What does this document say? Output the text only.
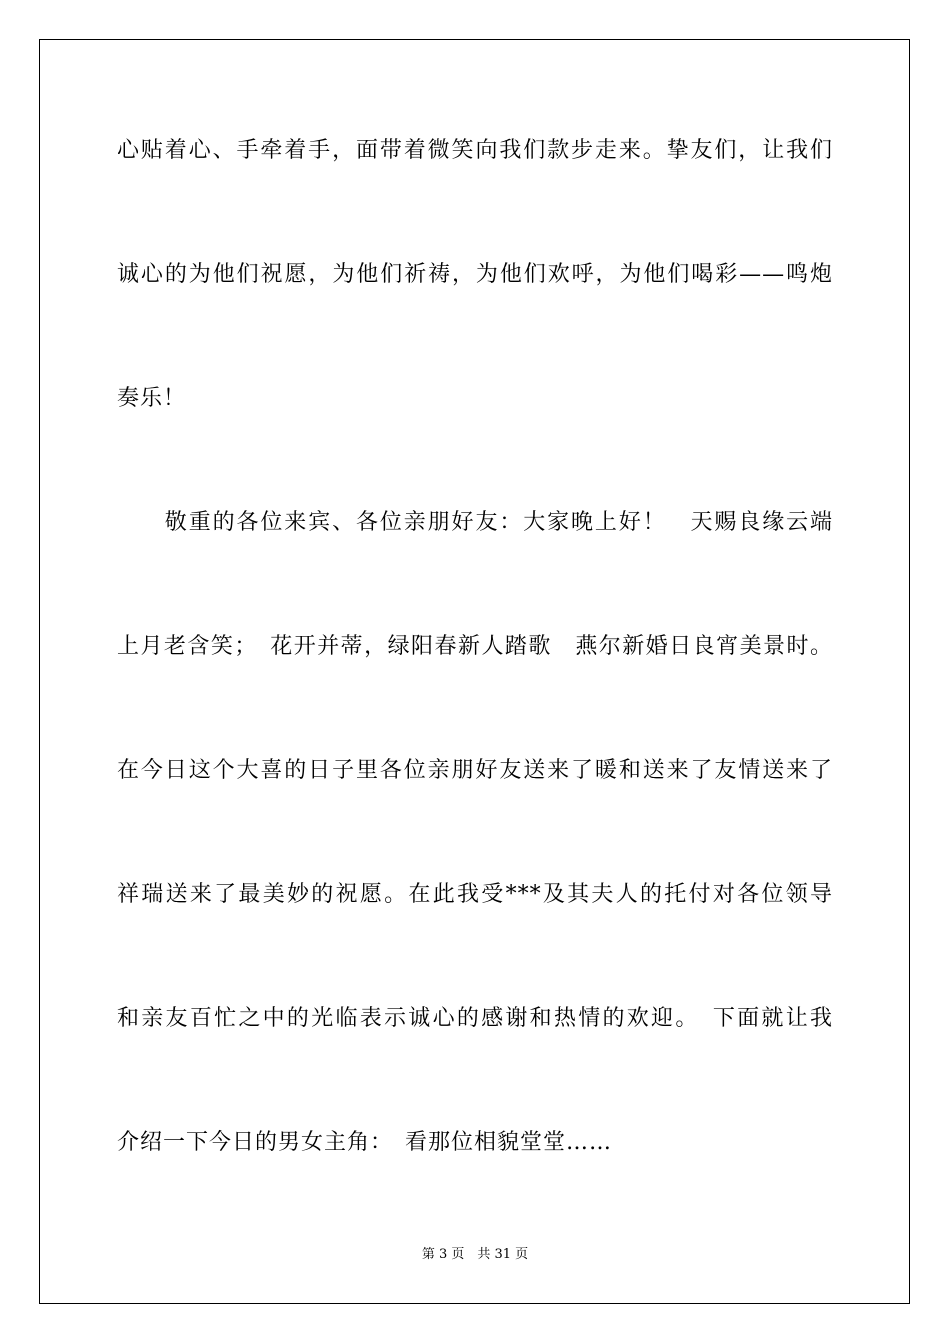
心贴着心、手牵着手，面带着微笑向我们款步走来。挚友们，让我们
诚心的为他们祝愿，为他们祈祷，为他们欢呼，为他们喝彩——鸣炮
奏乐！
　　敬重的各位来宾、各位亲朋好友：大家晚上好！　天赐良缘云端
上月老含笑；　花开并蒂，绿阳春新人踏歌　燕尔新婚日良宵美景时。
在今日这个大喜的日子里各位亲朋好友送来了暖和送来了友情送来了
祥瑞送来了最美妙的祝愿。在此我受***及其夫人的托付对各位领导
和亲友百忙之中的光临表示诚心的感谢和热情的欢迎。　下面就让我
介绍一下今日的男女主角：　看那位相貌堂堂……
第 3 页　共 31 页
